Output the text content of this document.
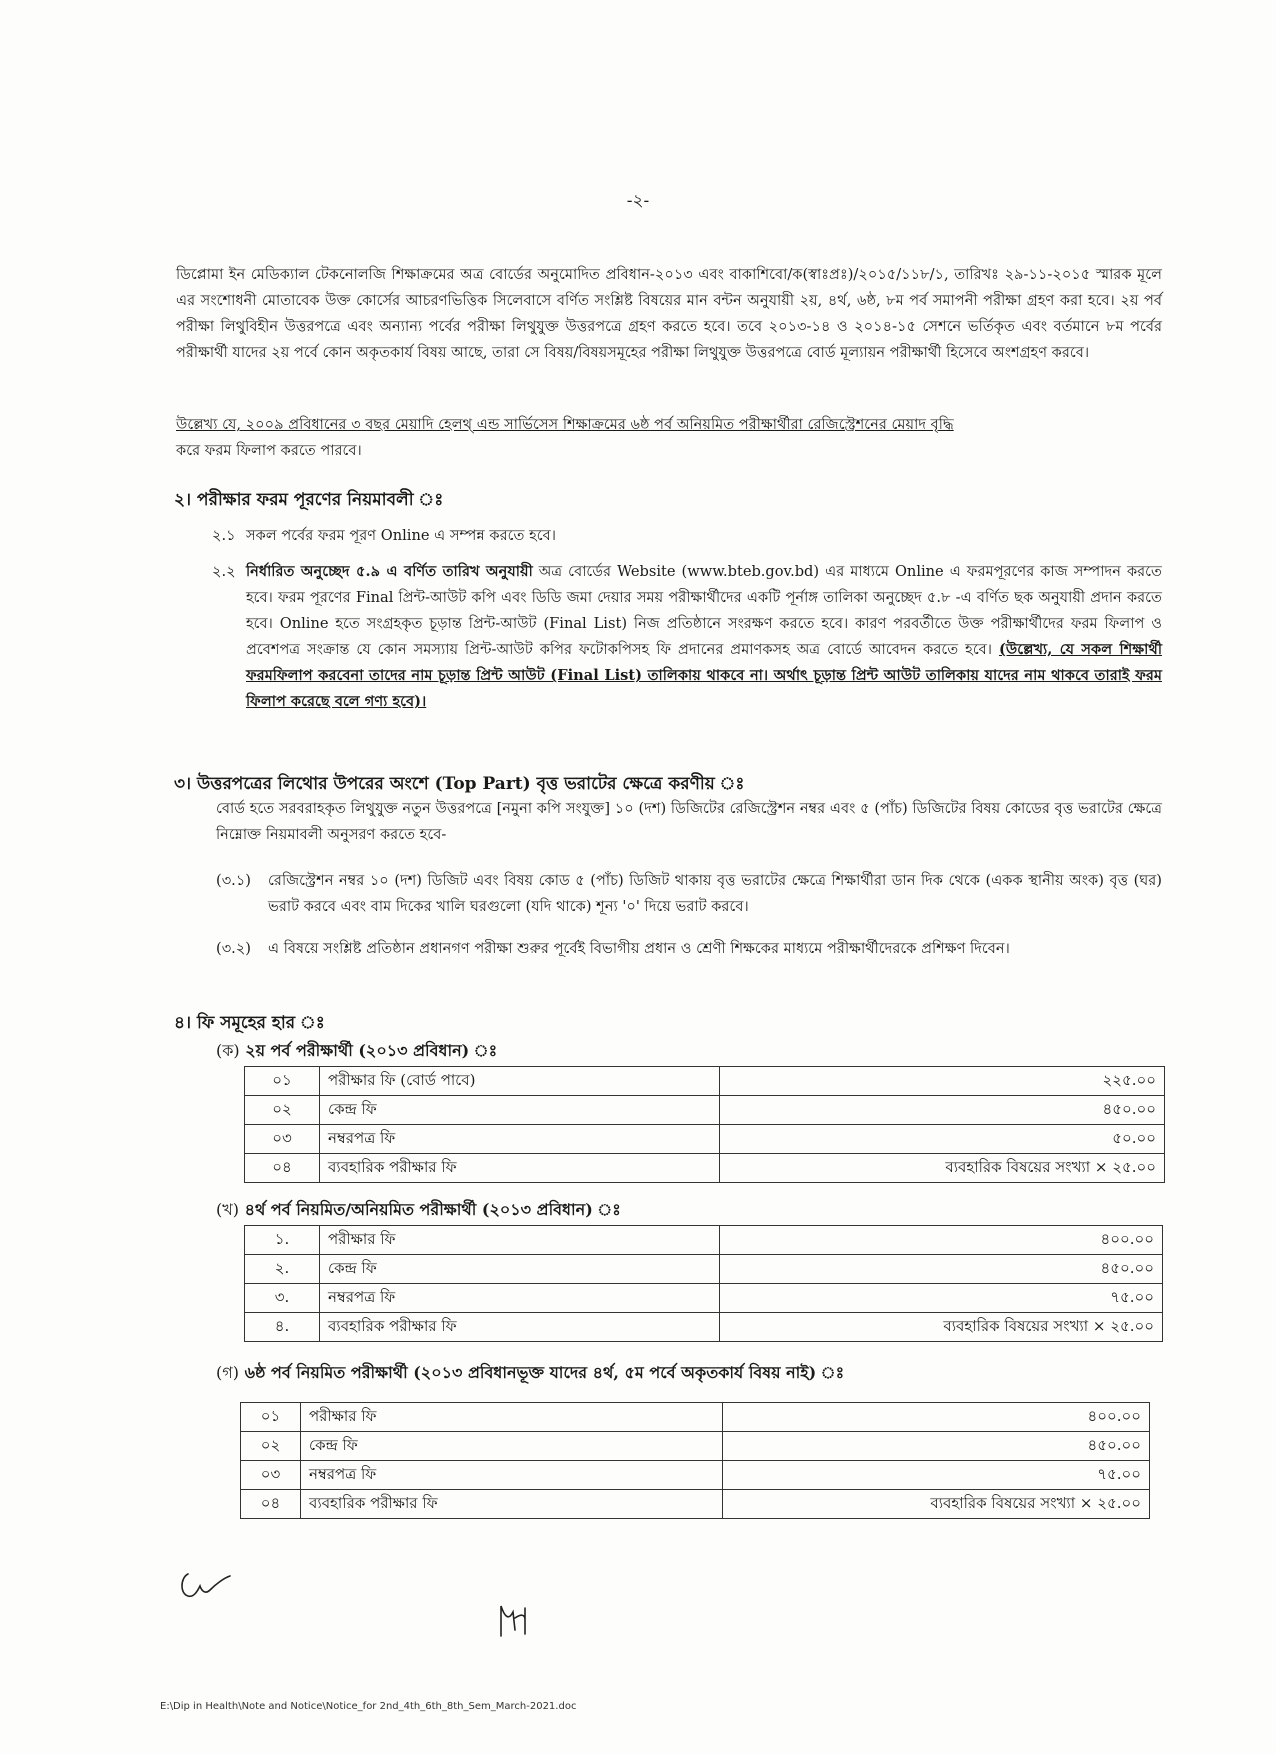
-২-

ডিপ্লোমা ইন মেডিক্যাল টেকনোলজি শিক্ষাক্রমের অত্র বোর্ডের অনুমোদিত প্রবিধান-২০১৩ এবং বাকাশিবো/ক(স্বাঃপ্রঃ)/২০১৫/১১৮/১, তারিখঃ ২৯-১১-২০১৫ স্মারক মূলে এর সংশোধনী মোতাবেক উক্ত কোর্সের আচরণভিত্তিক সিলেবাসে বর্ণিত সংশ্লিষ্ট বিষয়ের মান বন্টন অনুযায়ী ২য়, ৪র্থ, ৬ষ্ঠ, ৮ম পর্ব সমাপনী পরীক্ষা গ্রহণ করা হবে। ২য় পর্ব পরীক্ষা লিথুবিহীন উত্তরপত্রে এবং অন্যান্য পর্বের পরীক্ষা লিথুযুক্ত উত্তরপত্রে গ্রহণ করতে হবে। তবে ২০১৩-১৪ ও ২০১৪-১৫ সেশনে ভর্তিকৃত এবং বর্তমানে ৮ম পর্বের পরীক্ষার্থী যাদের ২য় পর্বে কোন অকৃতকার্য বিষয় আছে, তারা সে বিষয়/বিষয়সমূহের পরীক্ষা লিথুযুক্ত উত্তরপত্রে বোর্ড মূল্যায়ন পরীক্ষার্থী হিসেবে অংশগ্রহণ করবে।

উল্লেখ্য যে, ২০০৯ প্রবিধানের ৩ বছর মেয়াদি হেলথ্ এন্ড সার্ভিসেস শিক্ষাক্রমের ৬ষ্ঠ পর্ব অনিয়মিত পরীক্ষার্থীরা রেজিস্ট্রেশনের মেয়াদ বৃদ্ধি
করে ফরম ফিলাপ করতে পারবে।

২। পরীক্ষার ফরম পূরণের নিয়মাবলী ঃ
২.১ সকল পর্বের ফরম পূরণ Online এ সম্পন্ন করতে হবে।
২.২ নির্ধারিত অনুচ্ছেদ ৫.৯ এ বর্ণিত তারিখ অনুযায়ী অত্র বোর্ডের Website (www.bteb.gov.bd) এর মাধ্যমে Online এ ফরমপূরণের কাজ সম্পাদন করতে হবে। ফরম পূরণের Final প্রিন্ট-আউট কপি এবং ডিডি জমা দেয়ার সময় পরীক্ষার্থীদের একটি পূর্নাঙ্গ তালিকা অনুচ্ছেদ ৫.৮ -এ বর্ণিত ছক অনুযায়ী প্রদান করতে হবে। Online হতে সংগ্রহকৃত চূড়ান্ত প্রিন্ট-আউট (Final List) নিজ প্রতিষ্ঠানে সংরক্ষণ করতে হবে। কারণ পরবর্তীতে উক্ত পরীক্ষার্থীদের ফরম ফিলাপ ও প্রবেশপত্র সংক্রান্ত যে কোন সমস্যায় প্রিন্ট-আউট কপির ফটোকপিসহ ফি প্রদানের প্রমাণকসহ অত্র বোর্ডে আবেদন করতে হবে। (উল্লেখ্য, যে সকল শিক্ষার্থী ফরমফিলাপ করবেনা তাদের নাম চূড়ান্ত প্রিন্ট আউট (Final List) তালিকায় থাকবে না। অর্থাৎ চূড়ান্ত প্রিন্ট আউট তালিকায় যাদের নাম থাকবে তারাই ফরম ফিলাপ করেছে বলে গণ্য হবে)।
৩। উত্তরপত্রের লিথোর উপরের অংশে (Top Part) বৃত্ত ভরাটের ক্ষেত্রে করণীয় ঃ

বোর্ড হতে সরবরাহকৃত লিথুযুক্ত নতুন উত্তরপত্রে [নমুনা কপি সংযুক্ত] ১০ (দশ) ডিজিটের রেজিস্ট্রেশন নম্বর এবং ৫ (পাঁচ) ডিজিটের বিষয় কোডের বৃত্ত ভরাটের ক্ষেত্রে নিম্নোক্ত নিয়মাবলী অনুসরণ করতে হবে-

(৩.১) রেজিস্ট্রেশন নম্বর ১০ (দশ) ডিজিট এবং বিষয় কোড ৫ (পাঁচ) ডিজিট থাকায় বৃত্ত ভরাটের ক্ষেত্রে শিক্ষার্থীরা ডান দিক থেকে (একক স্থানীয় অংক) বৃত্ত (ঘর) ভরাট করবে এবং বাম দিকের খালি ঘরগুলো (যদি থাকে) শূন্য '০' দিয়ে ভরাট করবে।
(৩.২) এ বিষয়ে সংশ্লিষ্ট প্রতিষ্ঠান প্রধানগণ পরীক্ষা শুরুর পূর্বেই বিভাগীয় প্রধান ও শ্রেণী শিক্ষকের মাধ্যমে পরীক্ষার্থীদেরকে প্রশিক্ষণ দিবেন।
৪। ফি সমূহের হার ঃ
(ক) ২য় পর্ব পরীক্ষার্থী (২০১৩ প্রবিধান) ঃ
০১	পরীক্ষার ফি (বোর্ড পাবে)	২২৫.০০
০২	কেন্দ্র ফি	৪৫০.০০
০৩	নম্বরপত্র ফি	৫০.০০
০৪	ব্যবহারিক পরীক্ষার ফি	ব্যবহারিক বিষয়ের সংখ্যা × ২৫.০০
(খ) ৪র্থ পর্ব নিয়মিত/অনিয়মিত পরীক্ষার্থী (২০১৩ প্রবিধান) ঃ
১.	পরীক্ষার ফি	৪০০.০০
২.	কেন্দ্র ফি	৪৫০.০০
৩.	নম্বরপত্র ফি	৭৫.০০
৪.	ব্যবহারিক পরীক্ষার ফি	ব্যবহারিক বিষয়ের সংখ্যা × ২৫.০০
(গ) ৬ষ্ঠ পর্ব নিয়মিত পরীক্ষার্থী (২০১৩ প্রবিধানভূক্ত যাদের ৪র্থ, ৫ম পর্বে অকৃতকার্য বিষয় নাই) ঃ
০১	পরীক্ষার ফি	৪০০.০০
০২	কেন্দ্র ফি	৪৫০.০০
০৩	নম্বরপত্র ফি	৭৫.০০
০৪	ব্যবহারিক পরীক্ষার ফি	ব্যবহারিক বিষয়ের সংখ্যা × ২৫.০০
E:\Dip in Health\Note and Notice\Notice_for 2nd_4th_6th_8th_Sem_March-2021.doc
